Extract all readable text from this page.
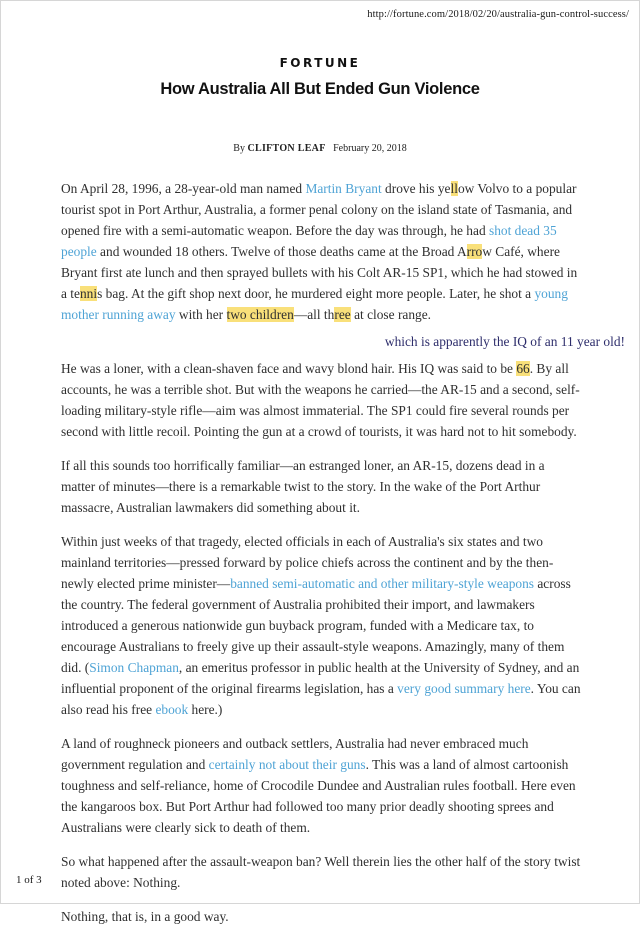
http://fortune.com/2018/02/20/australia-gun-control-success/
FORTUNE
How Australia All But Ended Gun Violence
By CLIFTON LEAF February 20, 2018

On April 28, 1996, a 28-year-old man named Martin Bryant drove his yellow Volvo to a popular tourist spot in Port Arthur, Australia, a former penal colony on the island state of Tasmania, and opened fire with a semi-automatic weapon. Before the day was through, he had shot dead 35 people and wounded 18 others. Twelve of those deaths came at the Broad Arrow Café, where Bryant first ate lunch and then sprayed bullets with his Colt AR-15 SP1, which he had stowed in a tennis bag. At the gift shop next door, he murdered eight more people. Later, he shot a young mother running away with her two children—all three at close range.

which is apparently the IQ of an 11 year old!

He was a loner, with a clean-shaven face and wavy blond hair. His IQ was said to be 66. By all accounts, he was a terrible shot. But with the weapons he carried—the AR-15 and a second, self-loading military-style rifle—aim was almost immaterial. The SP1 could fire several rounds per second with little recoil. Pointing the gun at a crowd of tourists, it was hard not to hit somebody.

If all this sounds too horrifically familiar—an estranged loner, an AR-15, dozens dead in a matter of minutes—there is a remarkable twist to the story. In the wake of the Port Arthur massacre, Australian lawmakers did something about it.

Within just weeks of that tragedy, elected officials in each of Australia's six states and two mainland territories—pressed forward by police chiefs across the continent and by the then-newly elected prime minister—banned semi-automatic and other military-style weapons across the country. The federal government of Australia prohibited their import, and lawmakers introduced a generous nationwide gun buyback program, funded with a Medicare tax, to encourage Australians to freely give up their assault-style weapons. Amazingly, many of them did. (Simon Chapman, an emeritus professor in public health at the University of Sydney, and an influential proponent of the original firearms legislation, has a very good summary here. You can also read his free ebook here.)

A land of roughneck pioneers and outback settlers, Australia had never embraced much government regulation and certainly not about their guns. This was a land of almost cartoonish toughness and self-reliance, home of Crocodile Dundee and Australian rules football. Here even the kangaroos box. But Port Arthur had followed too many prior deadly shooting sprees and Australians were clearly sick to death of them.

So what happened after the assault-weapon ban? Well therein lies the other half of the story twist noted above: Nothing.

Nothing, that is, in a good way.

1 of 3
